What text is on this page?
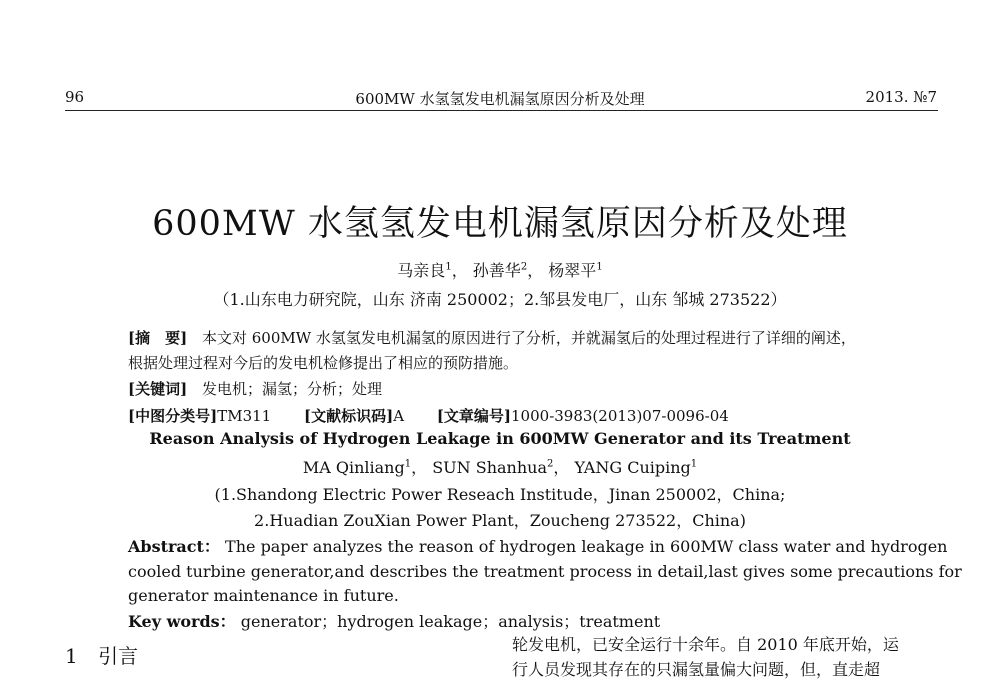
96	600MW 水氢氢发电机漏氢原因分析及处理	2013. №7
600MW 水氢氢发电机漏氢原因分析及处理
马亲良$^1$， 孙善华$^2$， 杨翠平$^1$
（1.山东电力研究院，山东 济南 250002；2.邹县发电厂，山东 邹城 273522）
[摘　要] 本文对 600MW 水氢氢发电机漏氢的原因进行了分析，并就漏氢后的处理过程进行了详细的阐述，
根据处理过程对今后的发电机检修提出了相应的预防措施。
[关键词] 发电机；漏氢；分析；处理
[中图分类号]TM311 [文献标识码]A [文章编号]1000-3983(2013)07-0096-04
Reason Analysis of Hydrogen Leakage in 600MW Generator and its Treatment
MA Qinliang$^1$， SUN Shanhua$^2$， YANG Cuiping$^1$
(1.Shandong Electric Power Reseach Institude，Jinan 250002，China;
2.Huadian ZouXian Power Plant，Zoucheng 273522，China)
Abstract： The paper analyzes the reason of hydrogen leakage in 600MW class water and hydrogen
cooled turbine generator,and describes the treatment process in detail,last gives some precautions for
generator maintenance in future.
Key words： generator；hydrogen leakage；analysis；treatment
1 引言	轮发电机，已安全运行十余年。自 2010 年底开始，运
行人员发现其存在的只漏氢量偏大问题，但，直走超
